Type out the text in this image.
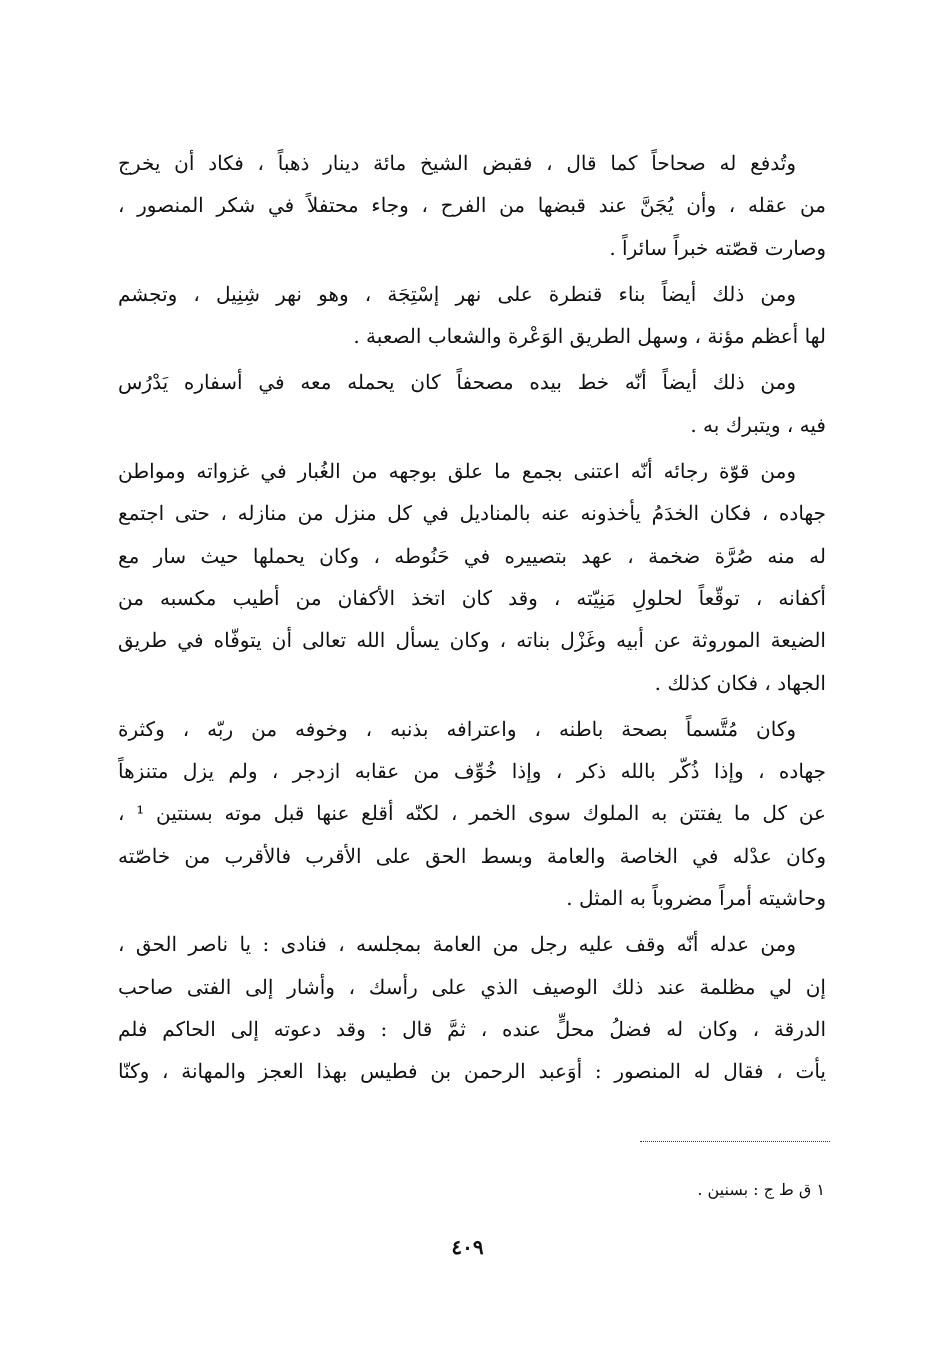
وتُدفع له صحاحاً كما قال ، فقبض الشيخ مائة دينار ذهباً ، فكاد أن يخرج
من عقله ، وأن يُجَنَّ عند قبضها من الفرح ، وجاء محتفلاً في شكر المنصور ،
وصارت قصّته خبراً سائراً .

ومن ذلك أيضاً بناء قنطرة على نهر إسْتِجَة ، وهو نهر شِنِيل ، وتجشم
لها أعظم مؤنة ، وسهل الطريق الوَعْرة والشعاب الصعبة .

ومن ذلك أيضاً أنّه خط بيده مصحفاً كان يحمله معه في أسفاره يَدْرُس
فيه ، ويتبرك به .

ومن قوّة رجائه أنّه اعتنى بجمع ما علق بوجهه من الغُبار في غزواته ومواطن
جهاده ، فكان الخدَمُ يأخذونه عنه بالمناديل في كل منزل من منازله ، حتى اجتمع
له منه صُرَّة ضخمة ، عهد بتصييره في حَنُوطه ، وكان يحملها حيث سار مع
أكفانه ، توقّعاً لحلولِ مَنِيّته ، وقد كان اتخذ الأكفان من أطيب مكسبه من
الضيعة الموروثة عن أبيه وغَزْل بناته ، وكان يسأل الله تعالى أن يتوفّاه في طريق
الجهاد ، فكان كذلك .

وكان مُتَّسماً بصحة باطنه ، واعترافه بذنبه ، وخوفه من ربّه ، وكثرة
جهاده ، وإذا ذُكّر بالله ذكر ، وإذا خُوِّف من عقابه ازدجر ، ولم يزل متنزهاً
عن كل ما يفتتن به الملوك سوى الخمر ، لكنّه أقلع عنها قبل موته بسنتين ¹ ،
وكان عدْله في الخاصة والعامة وبسط الحق على الأقرب فالأقرب من خاصّته
وحاشيته أمراً مضروباً به المثل .

ومن عدله أنّه وقف عليه رجل من العامة بمجلسه ، فنادى : يا ناصر الحق ،
إن لي مظلمة عند ذلك الوصيف الذي على رأسك ، وأشار إلى الفتى صاحب
الدرقة ، وكان له فضلُ محلٍّ عنده ، ثمَّ قال : وقد دعوته إلى الحاكم فلم
يأت ، فقال له المنصور : أوَعبد الرحمن بن فطيس بهذا العجز والمهانة ، وكنّا

١ ق ط ج : بسنين .
٤٠٩
